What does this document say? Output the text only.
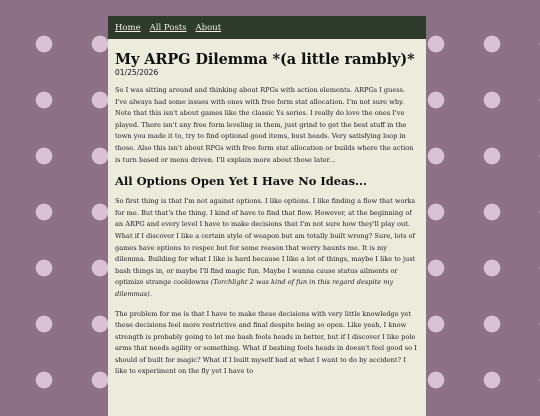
Home All Posts About
My ARPG Dilemma *(a little rambly)*
01/25/2026

So I was sitting around and thinking about RPGs with action elements. ARPGs I guess. I've always had some issues with ones with free form stat allocation. I'm not sure why. Note that this isn't about games like the classic Ys series. I really do love the ones I've played. There isn't any free form leveling in them, just grind to get the best stuff in the town you made it to, try to find optional good items, bust heads. Very satisfying loop in those. Also this isn't about RPGs with free form stat allocation or builds where the action is turn based or menu driven. I'll explain more about those later...

All Options Open Yet I Have No Ideas...

So first thing is that I'm not against options. I like options. I like finding a flow that works for me. But that's the thing. I kind of have to find that flow. However, at the beginning of an ARPG and every level I have to make decisions that I'm not sure how they'll play out. What if I discover I like a certain style of weapon but am totally built wrong? Sure, lots of games have options to respec but for some reason that worry haunts me. It is my dilemma. Building for what I like is hard because I like a lot of things, maybe I like to just bash things in, or maybe I'll find magic fun. Maybe I wanna cause status ailments or optimize strange cooldowns (Torchlight 2 was kind of fun in this regard despite my dilemmas).

The problem for me is that I have to make these decisions with very little knowledge yet these decisions feel more restrictive and final despite being so open. Like yeah, I know strength is probably going to let me bash fools heads in better, but if I discover I like pole arms that needs agility or something. What if bashing fools heads in doesn't feel good so I should of built for magic? What if I built myself bad at what I want to do by accident? I like to experiment on the fly yet I have to
